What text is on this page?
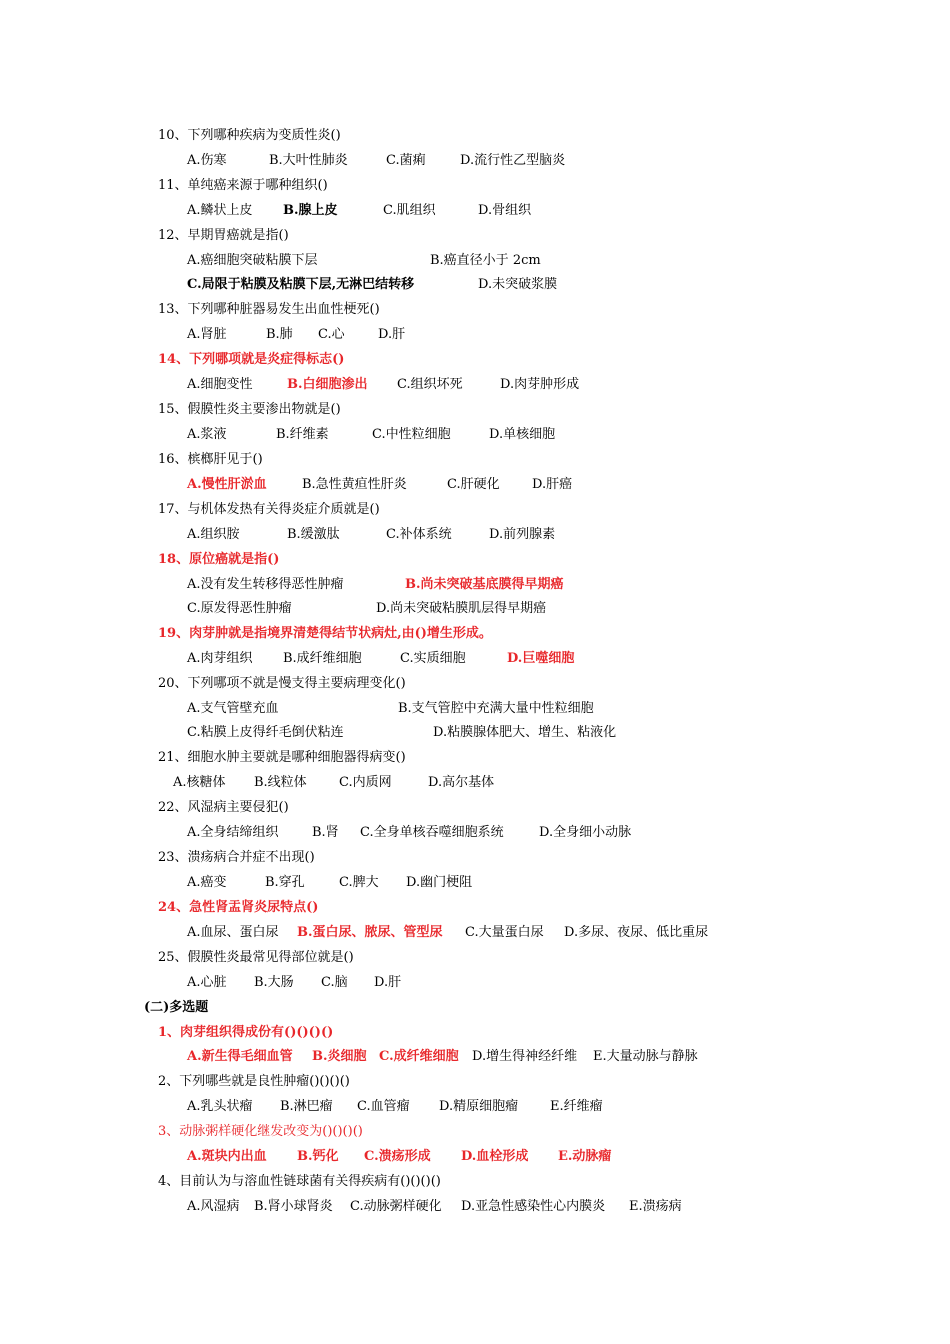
10、下列哪种疾病为变质性炎()
A.伤寒	B.大叶性肺炎	C.菌痢	D.流行性乙型脑炎
11、单纯癌来源于哪种组织()
A.鳞状上皮 B.腺上皮	C.肌组织	D.骨组织
12、早期胃癌就是指()
A.癌细胞突破粘膜下层	B.癌直径小于 2cm
C.局限于粘膜及粘膜下层,无淋巴结转移	D.未突破浆膜
13、下列哪种脏器易发生出血性梗死()
A.肾脏	B.肺 C.心	D.肝
14、下列哪项就是炎症得标志()
A.细胞变性	B.白细胞渗出 C.组织坏死	D.肉芽肿形成
15、假膜性炎主要渗出物就是()
A.浆液	B.纤维素	C.中性粒细胞	D.单核细胞
16、槟榔肝见于()
A.慢性肝淤血	B.急性黄疸性肝炎	C.肝硬化 D.肝癌
17、与机体发热有关得炎症介质就是()
A.组织胺	B.缓激肽	C.补体系统	D.前列腺素
18、原位癌就是指()
A.没有发生转移得恶性肿瘤	B.尚未突破基底膜得早期癌
C.原发得恶性肿瘤	D.尚未突破粘膜肌层得早期癌
19、肉芽肿就是指境界清楚得结节状病灶,由()增生形成。
A.肉芽组织 B.成纤维细胞	C.实质细胞	D.巨噬细胞
20、下列哪项不就是慢支得主要病理变化()
A.支气管壁充血	B.支气管腔中充满大量中性粒细胞
C.粘膜上皮得纤毛倒伏粘连	D.粘膜腺体肥大、增生、粘液化
21、细胞水肿主要就是哪种细胞器得病变()
A.核糖体 B.线粒体 C.内质网	D.高尔基体
22、风湿病主要侵犯()
A.全身结缔组织	B.肾 C.全身单核吞噬细胞系统	D.全身细小动脉
23、溃疡病合并症不出现()
A.癌变	B.穿孔	C.脾大 D.幽门梗阻
24、急性肾盂肾炎尿特点()
A.血尿、蛋白尿 B.蛋白尿、脓尿、管型尿 C.大量蛋白尿 D.多尿、夜尿、低比重尿
25、假膜性炎最常见得部位就是()
A.心脏 B.大肠 C.脑 D.肝
(二)多选题
1、肉芽组织得成份有()()()()
A.新生得毛细血管 B.炎细胞 C.成纤维细胞 D.增生得神经纤维 E.大量动脉与静脉
2、下列哪些就是良性肿瘤()()()()
A.乳头状瘤 B.淋巴瘤 C.血管瘤 D.精原细胞瘤 E.纤维瘤
3、动脉粥样硬化继发改变为()()()()
A.斑块内出血 B.钙化 C.溃疡形成 D.血栓形成 E.动脉瘤
4、目前认为与溶血性链球菌有关得疾病有()()()()
A.风湿病 B.肾小球肾炎 C.动脉粥样硬化 D.亚急性感染性心内膜炎 E.溃疡病
